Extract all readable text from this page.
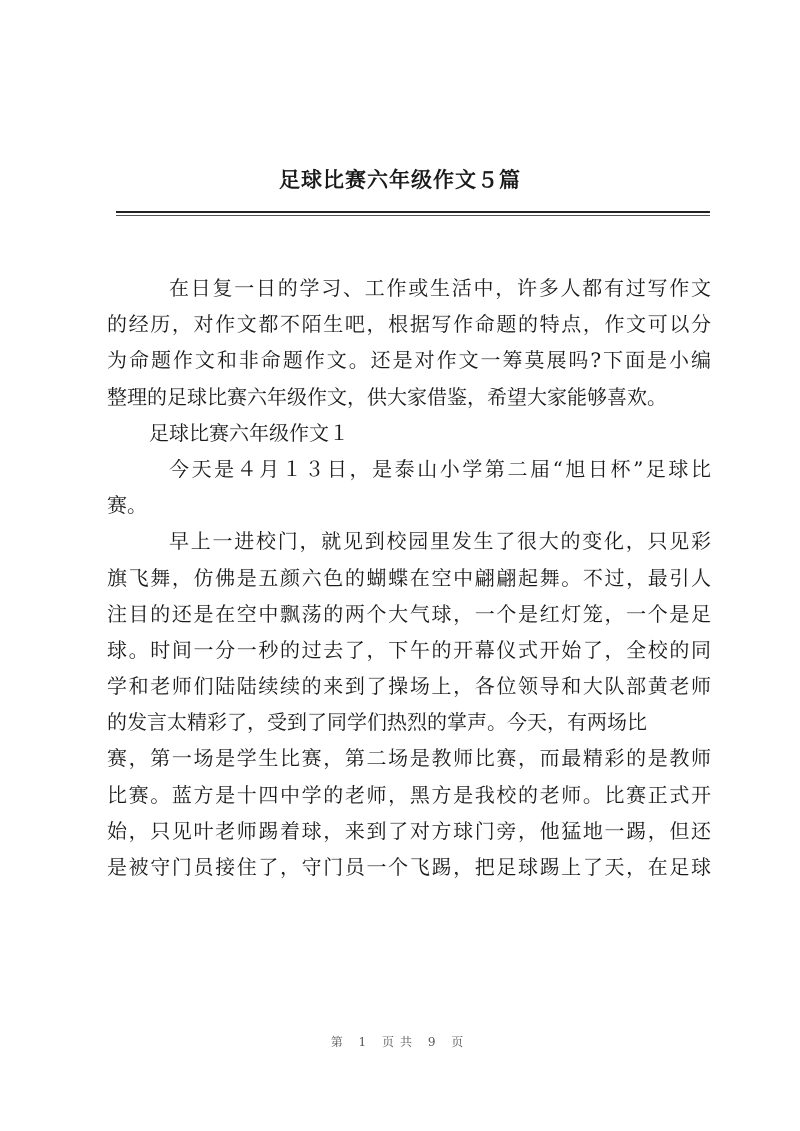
足球比赛六年级作文５篇
在日复一日的学习、工作或生活中，许多人都有过写作文
的经历，对作文都不陌生吧，根据写作命题的特点，作文可以分
为命题作文和非命题作文。还是对作文一筹莫展吗?下面是小编
整理的足球比赛六年级作文，供大家借鉴，希望大家能够喜欢。
足球比赛六年级作文１
今天是４月１３日，是泰山小学第二届“旭日杯”足球比
赛。
早上一进校门，就见到校园里发生了很大的变化，只见彩
旗飞舞，仿佛是五颜六色的蝴蝶在空中翩翩起舞。不过，最引人
注目的还是在空中飘荡的两个大气球，一个是红灯笼，一个是足
球。时间一分一秒的过去了，下午的开幕仪式开始了，全校的同
学和老师们陆陆续续的来到了操场上，各位领导和大队部黄老师
的发言太精彩了，受到了同学们热烈的掌声。今天，有两场比
赛，第一场是学生比赛，第二场是教师比赛，而最精彩的是教师
比赛。蓝方是十四中学的老师，黑方是我校的老师。比赛正式开
始，只见叶老师踢着球，来到了对方球门旁，他猛地一踢，但还
是被守门员接住了，守门员一个飞踢，把足球踢上了天，在足球
第 1 页共 9 页
